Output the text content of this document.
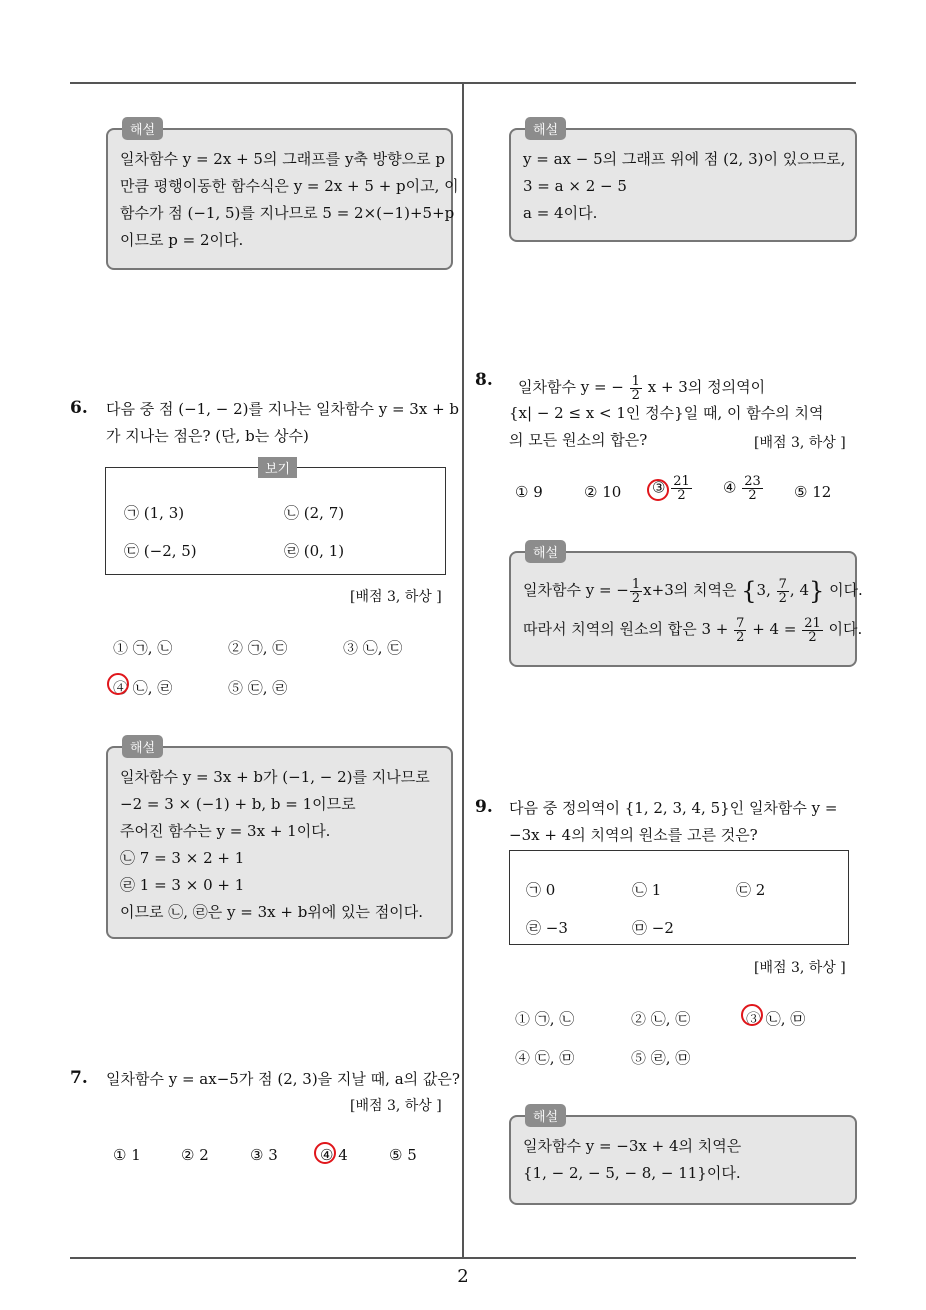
해설
일차함수 y = 2x + 5의 그래프를 y축 방향으로 p
만큼 평행이동한 함수식은 y = 2x + 5 + p이고, 이
함수가 점 (−1, 5)를 지나므로 5 = 2×(−1)+5+p
이므로 p = 2이다.
6. 다음 중 점 (−1, − 2)를 지나는 일차함수 y = 3x + b
가 지나는 점은? (단, b는 상수)
보기
㉠ (1, 3)	㉡ (2, 7)
㉢ (−2, 5)	㉣ (0, 1)
[배점 3, 하상 ]
① ㉠, ㉡	② ㉠, ㉢	③ ㉡, ㉢
④ ㉡, ㉣	⑤ ㉢, ㉣
해설
일차함수 y = 3x + b가 (−1, − 2)를 지나므로
−2 = 3 × (−1) + b, b = 1이므로
주어진 함수는 y = 3x + 1이다.
㉡ 7 = 3 × 2 + 1
㉣ 1 = 3 × 0 + 1
이므로 ㉡, ㉣은 y = 3x + b위에 있는 점이다.
7. 일차함수 y = ax−5가 점 (2, 3)을 지날 때, a의 값은?
[배점 3, 하상 ]
① 1	② 2	③ 3	④ 4	⑤ 5
해설
y = ax − 5의 그래프 위에 점 (2, 3)이 있으므로,
3 = a × 2 − 5
a = 4이다.
8. 일차함수 y = − $\frac{1}{2}$ x + 3의 정의역이
{x| − 2 ≤ x < 1인 정수}일 때, 이 함수의 치역
의 모든 원소의 합은?	[배점 3, 하상 ]
① 9	② 10 ③ $\frac{21}{2}$ ④ $\frac{23}{2}$ ⑤ 12
해설
일차함수 y = − $\frac{1}{2} x+3$의 치역은 {3, $\frac{7}{2}$ , 4} 이다.
따라서 치역의 원소의 합은 $3 + \frac{7}{2} + 4 = \frac{21}{2}$ 이다.
9. 다음 중 정의역이 {1, 2, 3, 4, 5}인 일차함수 y =
−3x + 4의 치역의 원소를 고른 것은?
㉠ 0	㉡ 1	㉢ 2
㉣ −3	㉤ −2
[배점 3, 하상 ]
① ㉠, ㉡	② ㉡, ㉢	③ ㉡, ㉤
④ ㉢, ㉤	⑤ ㉣, ㉤
해설
일차함수 y = −3x + 4의 치역은
{1, − 2, − 5, − 8, − 11}이다.
2
